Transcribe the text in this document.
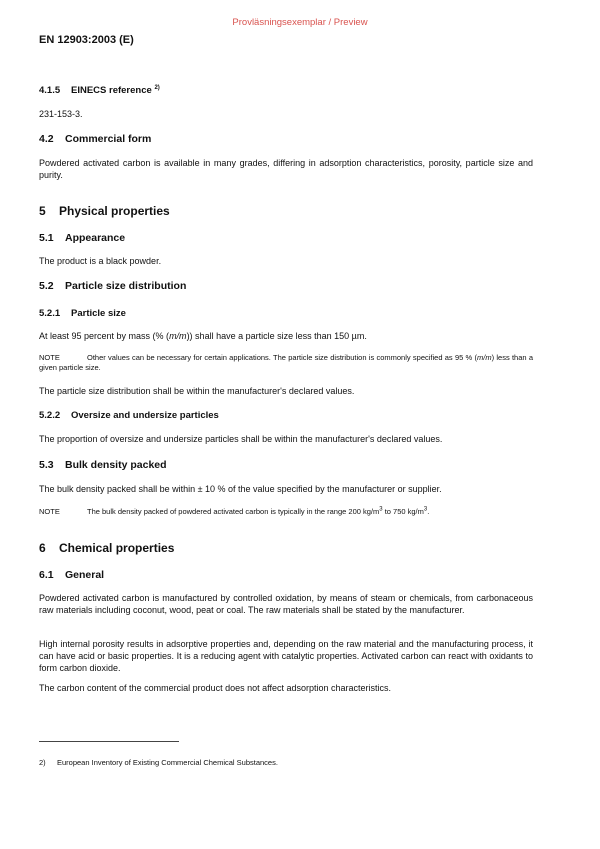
Provläsningsexemplar / Preview
EN 12903:2003 (E)
4.1.5 EINECS reference $^{2)}$
231-153-3.
4.2 Commercial form
Powdered activated carbon is available in many grades, differing in adsorption characteristics, porosity, particle size and purity.
5 Physical properties
5.1 Appearance
The product is a black powder.
5.2 Particle size distribution
5.2.1 Particle size
At least 95 percent by mass (% (m/m)) shall have a particle size less than 150 µm.
NOTE	Other values can be necessary for certain applications. The particle size distribution is commonly specified as 95 % (m/m) less than a given particle size.
The particle size distribution shall be within the manufacturer's declared values.
5.2.2 Oversize and undersize particles
The proportion of oversize and undersize particles shall be within the manufacturer's declared values.
5.3 Bulk density packed
The bulk density packed shall be within ± 10 % of the value specified by the manufacturer or supplier.
NOTE	The bulk density packed of powdered activated carbon is typically in the range 200 $kg/m^3$ to 750 $kg/m^3$.
6 Chemical properties
6.1 General
Powdered activated carbon is manufactured by controlled oxidation, by means of steam or chemicals, from carbonaceous raw materials including coconut, wood, peat or coal. The raw materials shall be stated by the manufacturer.
High internal porosity results in adsorptive properties and, depending on the raw material and the manufacturing process, it can have acid or basic properties. It is a reducing agent with catalytic properties. Activated carbon can react with oxidants to form carbon dioxide.
The carbon content of the commercial product does not affect adsorption characteristics.
2) European Inventory of Existing Commercial Chemical Substances.
